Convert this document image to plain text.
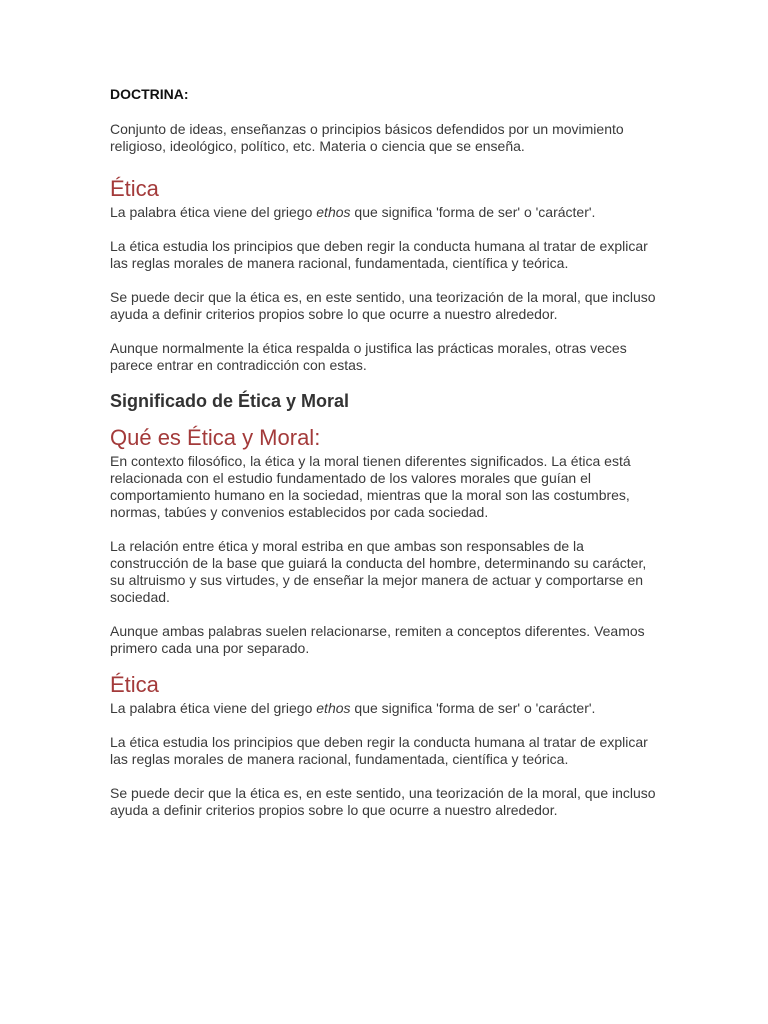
DOCTRINA:

Conjunto de ideas, enseñanzas o principios básicos defendidos por un movimiento religioso, ideológico, político, etc. Materia o ciencia que se enseña.

Ética

La palabra ética viene del griego ethos que significa 'forma de ser' o 'carácter'.

La ética estudia los principios que deben regir la conducta humana al tratar de explicar las reglas morales de manera racional, fundamentada, científica y teórica.

Se puede decir que la ética es, en este sentido, una teorización de la moral, que incluso ayuda a definir criterios propios sobre lo que ocurre a nuestro alrededor.

Aunque normalmente la ética respalda o justifica las prácticas morales, otras veces parece entrar en contradicción con estas.

Significado de Ética y Moral
Qué es Ética y Moral:

En contexto filosófico, la ética y la moral tienen diferentes significados. La ética está relacionada con el estudio fundamentado de los valores morales que guían el comportamiento humano en la sociedad, mientras que la moral son las costumbres, normas, tabúes y convenios establecidos por cada sociedad.

La relación entre ética y moral estriba en que ambas son responsables de la construcción de la base que guiará la conducta del hombre, determinando su carácter, su altruismo y sus virtudes, y de enseñar la mejor manera de actuar y comportarse en sociedad.

Aunque ambas palabras suelen relacionarse, remiten a conceptos diferentes. Veamos primero cada una por separado.

Ética

La palabra ética viene del griego ethos que significa 'forma de ser' o 'carácter'.

La ética estudia los principios que deben regir la conducta humana al tratar de explicar las reglas morales de manera racional, fundamentada, científica y teórica.

Se puede decir que la ética es, en este sentido, una teorización de la moral, que incluso ayuda a definir criterios propios sobre lo que ocurre a nuestro alrededor.
